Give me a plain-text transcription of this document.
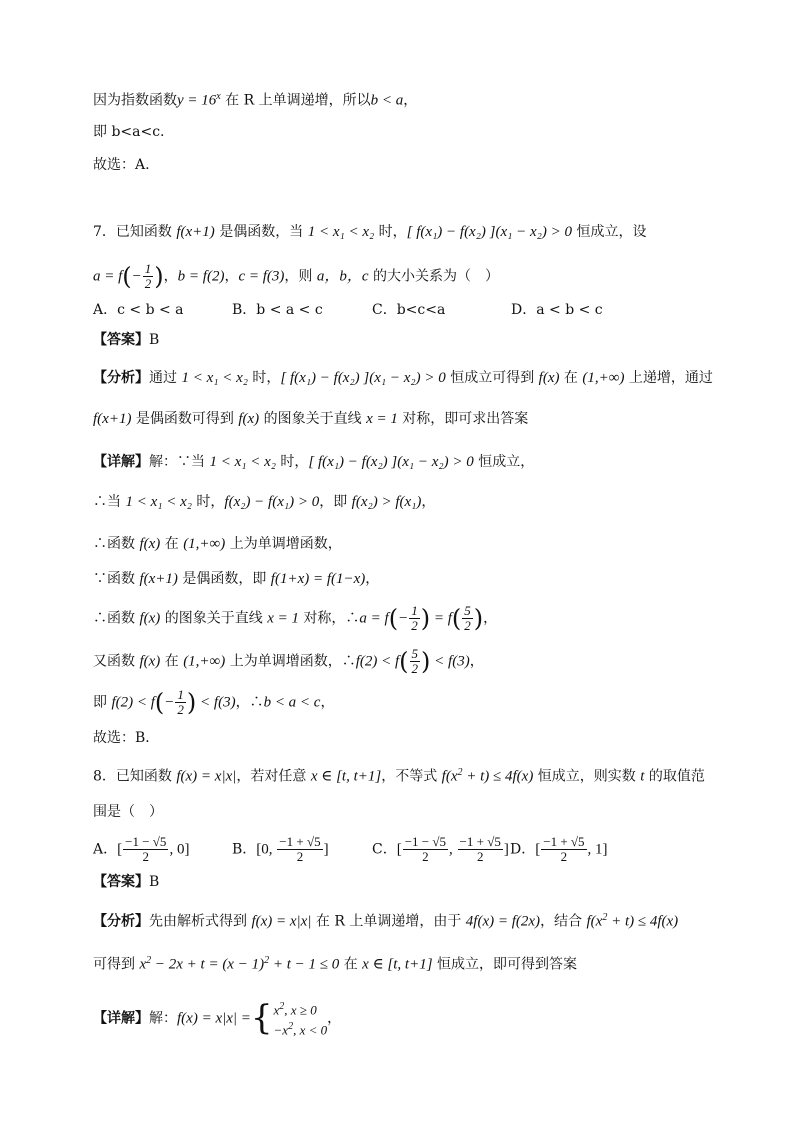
因为指数函数$y = 16^x$ 在 R 上单调递增，所以b < a，
即 b<a<c.
故选：A.
7．已知函数 f(x+1) 是偶函数，当 1 < x₁ < x₂ 时，[ f(x₁) − f(x₂) ](x₁ − x₂) > 0 恒成立，设
$a = f(- \frac{1}{2}$ )，b = f(2)，c = f(3)，则 a，b，c 的大小关系为（　）
A．c < b < a	B．b < a < c	C．b<c<a	D．a < b < c
【答案】B
【分析】通过 1 < x₁ < x₂ 时，[ f(x₁) − f(x₂) ](x₁ − x₂) > 0 恒成立可得到 f(x) 在 (1,+∞) 上递增，通过
f(x+1) 是偶函数可得到 f(x) 的图象关于直线 x = 1 对称，即可求出答案
【详解】解：∵当 1 < x₁ < x₂ 时，[ f(x₁) − f(x₂) ](x₁ − x₂) > 0 恒成立，
∴当 1 < x₁ < x₂ 时，f(x₂) − f(x₁) > 0，即 f(x₂) > f(x₁)，
∴函数 f(x) 在 (1,+∞) 上为单调增函数，
∵函数 f(x+1) 是偶函数，即 f(1+x) = f(1−x)，
∴函数 f(x) 的图象关于直线 x = 1 对称，∴a = $f(- \frac{1}{2}$ ) = $f( \frac{5}{2}$ )，
又函数 f(x) 在 (1,+∞) 上为单调增函数，∴f(2) < $f( \frac{5}{2}$ ) < f(3)，
即 $f(2) < f(- \frac{1}{2}$ ) < f(3)，∴b < a < c，
故选：B．
8．已知函数 f(x) = x|x|，若对任意 x ∈ [t, t+1]，不等式 $f(x^2 + t) \le 4f(x)$ 恒成立，则实数 t 的取值范
围是（　）
A．[ $\frac{-1 - √5}{2}$ , 0]	B．[0, $\frac{-1 + √5}{2}$ ]	C．[ $\frac{-1 - √5}{2}$ , $\frac{-1 + √5}{2}$ ] D．[ $\frac{-1 + √5}{2}$ , 1]
【答案】B
【分析】先由解析式得到 f(x) = x|x| 在 R 上单调递增，由于 4f(x) = f(2x)，结合 $f(x^2 + t) \le 4f(x)$
可得到 $x^2 - 2x + t = (x - 1)^2 + t - 1 \le 0$ 在 x ∈ [t, t+1] 恒成立，即可得到答案
【详解】解：f(x) = x|x| = { $x^2$, x ≥ 0
$-x^2$, x < 0
，
